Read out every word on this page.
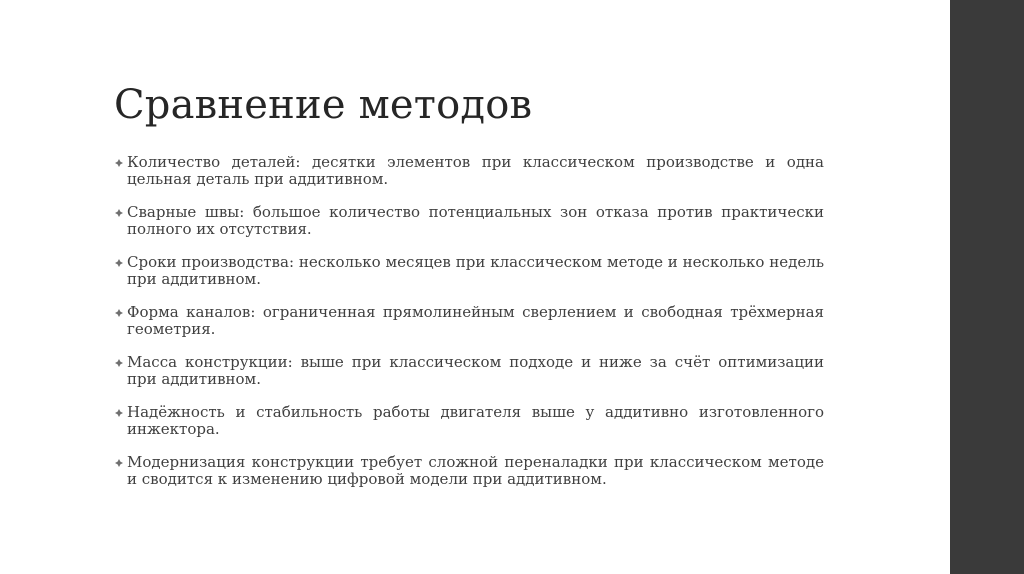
Сравнение методов
Количество деталей: десятки элементов при классическом производстве и одна цельная деталь при аддитивном.
Сварные швы: большое количество потенциальных зон отказа против практически полного их отсутствия.
Сроки производства: несколько месяцев при классическом методе и несколько недель при аддитивном.
Форма каналов: ограниченная прямолинейным сверлением и свободная трёхмерная геометрия.
Масса конструкции: выше при классическом подходе и ниже за счёт оптимизации при аддитивном.
Надёжность и стабильность работы двигателя выше у аддитивно изготовленного инжектора.
Модернизация конструкции требует сложной переналадки при классическом методе и сводится к изменению цифровой модели при аддитивном.
